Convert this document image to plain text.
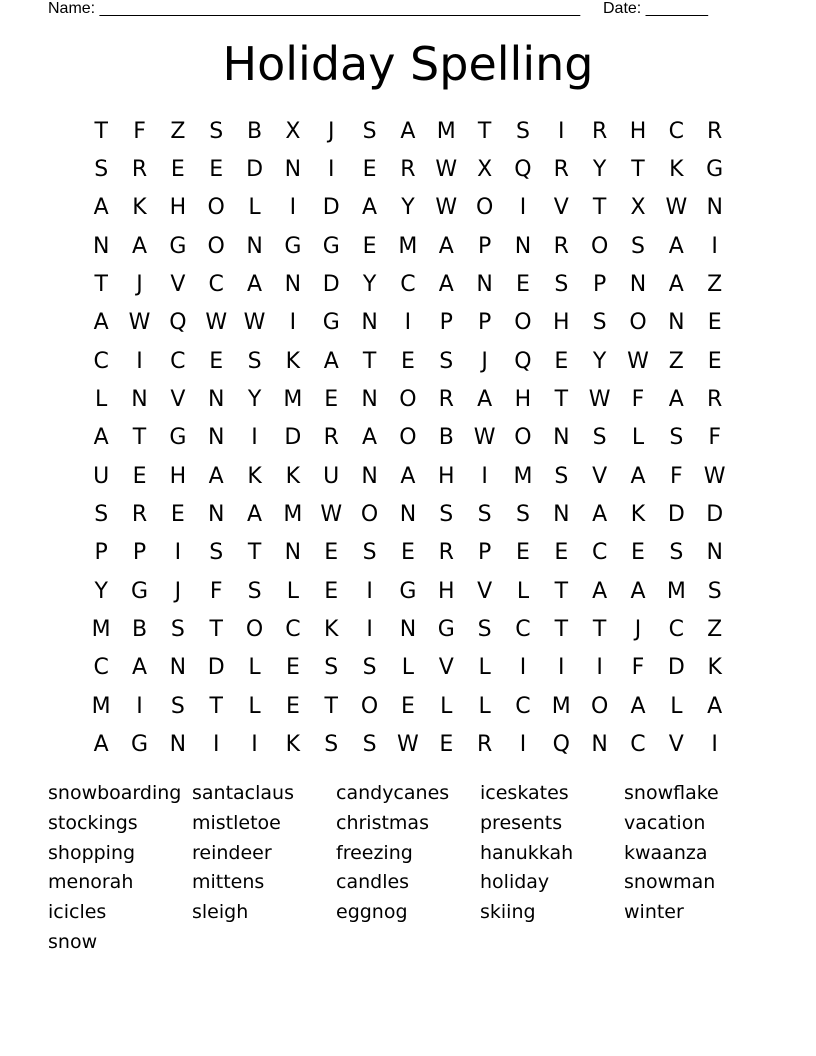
Name: ______________________________________________________ Date: _______
Holiday Spelling
T	F	Z	S	B	X	J	S	A M	T	S	I	R	H	C	R
S	R	E	E	D N	I	E	R W X	Q	R	Y	T	K	G
A	K	H O	L	I	D	A	Y W O	I	V	T	X W N
N	A	G O N G G	E M A	P	N	R	O	S	A	I
T	J	V	C	A	N D	Y	C	A	N	E	S	P	N	A	Z
A W Q W W	I	G N	I	P	P	O H	S	O N	E
C	I	C	E	S	K	A	T	E	S	J	Q	E	Y W Z	E
L	N	V	N	Y	M E	N O	R	A	H	T W F	A	R
A	T	G N	I	D	R	A	O	B W O N	S	L	S	F
U	E	H	A	K	K	U	N	A	H	I	M S	V	A	F W
S	R	E	N	A M W O N	S	S	S	N	A	K	D D
P	P	I	S	T	N	E	S	E	R	P	E	E	C	E	S	N
Y	G	J	F	S	L	E	I	G H	V	L	T	A	A M S
M B	S	T	O	C	K	I	N G	S	C	T	T	J	C	Z
C	A	N D	L	E	S	S	L	V	L	I	I	I	F	D	K
M	I	S	T	L	E	T	O	E	L	L	C M O	A	L	A
A	G N	I	I	K	S	S W E	R	I	Q N	C	V	I
snowboarding santaclaus	candycanes	iceskates	snowflake
stockings	mistletoe	christmas	presents	vacation
shopping	reindeer	freezing	hanukkah	kwaanza
menorah	mittens	candles	holiday	snowman
icicles	sleigh	eggnog	skiing	winter
snow
